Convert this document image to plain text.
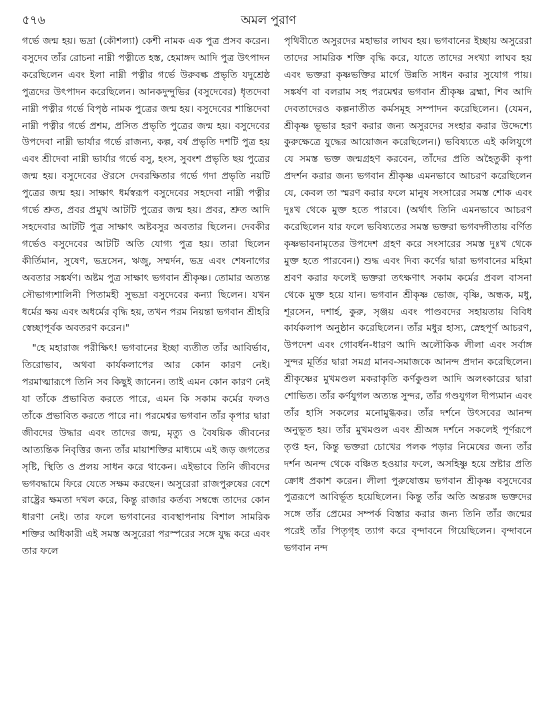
৫৭৬	অমল পুরাণ

গর্ভে জন্ম হয়। ভদ্রা (কৌশল্যা) কেশী নামক এক পুত্র প্রসব করেন। বসুদেব তাঁর রোচনা নাম্নী পত্নীতে হস্ত, হেমাঙ্গদ আদি পুত্র উৎপাদন করেছিলেন এবং ইলা নাম্নী পত্নীর গর্ভে উরুবল্ক প্রভৃতি যদুশ্রেষ্ঠ পুত্রদের উৎপাদন করেছিলেন। আনকদুন্দুভির (বসুদেবের) ধৃতদেবা নাম্নী পত্নীর গর্ভে বিপৃষ্ঠ নামক পুত্রের জন্ম হয়। বসুদেবের শান্তিদেবা নাম্নী পত্নীর গর্ভে প্রশম, প্রসিত প্রভৃতি পুত্রের জন্ম হয়। বসুদেবের উপদেবা নাম্নী ভার্যার গর্ভে রাজন্য, কল্প, বর্ষ প্রভৃতি দশটি পুত্র হয় এবং শ্রীদেবা নাম্নী ভার্যার গর্ভে বসু, হংস, সুবংশ প্রভৃতি ছয় পুত্রের জন্ম হয়। বসুদেবের ঔরসে দেবরক্ষিতার গর্ভে গদা প্রভৃতি নয়টি পুত্রের জন্ম হয়। সাক্ষাৎ ধর্মস্বরূপ বসুদেবের সহদেবা নাম্নী পত্নীর গর্ভে শ্রুত, প্রবর প্রমুখ আটটি পুত্রের জন্ম হয়। প্রবর, শ্রুত আদি সহদেবার আটটি পুত্র সাক্ষাৎ অষ্টবসুর অবতার ছিলেন। দেবকীর গর্ভেও বসুদেবের আটটি অতি যোগ্য পুত্র হয়। তারা ছিলেন কীর্তিমান, সুষেণ, ভদ্রসেন, ঋজু, সম্মর্দন, ভদ্র এবং শেষনাগের অবতার সঙ্কর্ষণ। অষ্টম পুত্র সাক্ষাৎ ভগবান শ্রীকৃষ্ণ। তোমার অত্যন্ত সৌভাগ্যশালিনী পিতামহী সুভদ্রা বসুদেবের কন্যা ছিলেন। যখন ধর্মের ক্ষয় এবং অধর্মের বৃদ্ধি হয়, তখন পরম নিয়ন্তা ভগবান শ্রীহরি স্বেচ্ছাপূর্বক অবতরণ করেন।"

"হে মহারাজ পরীক্ষিৎ! ভগবানের ইচ্ছা ব্যতীত তাঁর আবির্ভাব, তিরোভাব, অথবা কার্যকলাপের আর কোন কারণ নেই। পরমাত্মারূপে তিনি সব কিছুই জানেন। তাই এমন কোন কারণ নেই যা তাঁকে প্রভাবিত করতে পারে, এমন কি সকাম কর্মের ফলও তাঁকে প্রভাবিত করতে পারে না। পরমেশ্বর ভগবান তাঁর কৃপার দ্বারা জীবদের উদ্ধার এবং তাদের জন্ম, মৃত্যু ও বৈষয়িক জীবনের আত্যন্তিক নিবৃত্তির জন্য তাঁর মায়াশক্তির মাধ্যমে এই জড় জগতের সৃষ্টি, স্থিতি ও প্রলয় সাধন করে থাকেন। এইভাবে তিনি জীবদের ভগবদ্ধামে ফিরে যেতে সক্ষম করছেন। অসুরেরা রাজপুরুষের বেশে রাষ্ট্রের ক্ষমতা দখল করে, কিন্তু রাজার কর্তব্য সম্বন্ধে তাদের কোন ধারণা নেই। তার ফলে ভগবানের ব্যবস্থাপনায় বিশাল সামরিক শক্তির অধিকারী এই সমস্ত অসুরেরা পরস্পরের সঙ্গে যুদ্ধ করে এবং তার ফলে

পৃথিবীতে অসুরদের মহাভার লাঘব হয়। ভগবানের ইচ্ছায় অসুরেরা তাদের সামরিক শক্তি বৃদ্ধি করে, যাতে তাদের সংখ্যা লাঘব হয় এবং ভক্তরা কৃষ্ণভক্তির মার্গে উন্নতি সাধন করার সুযোগ পায়। সঙ্কর্ষণ বা বলরাম সহ পরমেশ্বর ভগবান শ্রীকৃষ্ণ ব্রহ্মা, শিব আদি দেবতাদেরও কল্পনাতীত কর্মসমূহ সম্পাদন করেছিলেন। (যেমন, শ্রীকৃষ্ণ ভূভার হরণ করার জন্য অসুরদের সংহার করার উদ্দেশ্যে কুরুক্ষেত্রে যুদ্ধের আয়োজন করেছিলেন।) ভবিষ্যতে এই কলিযুগে যে সমস্ত ভক্ত জন্মগ্রহণ করবেন, তাঁদের প্রতি অহৈতুকী কৃপা প্রদর্শন করার জন্য ভগবান শ্রীকৃষ্ণ এমনভাবে আচরণ করেছিলেন যে, কেবল তা স্মরণ করার ফলে মানুষ সংসারের সমস্ত শোক এবং দুঃখ থেকে মুক্ত হতে পারবে। (অর্থাৎ তিনি এমনভাবে আচরণ করেছিলেন যার ফলে ভবিষ্যতের সমস্ত ভক্তরা ভগবদ্গীতায় বর্ণিত কৃষ্ণভাবনামৃতের উপদেশ গ্রহণ করে সংসারের সমস্ত দুঃখ থেকে মুক্ত হতে পারবেন।) শুদ্ধ এবং দিব্য কর্ণের দ্বারা ভগবানের মহিমা শ্রবণ করার ফলেই ভক্তরা তৎক্ষণাৎ সকাম কর্মের প্রবল বাসনা থেকে মুক্ত হয়ে যান। ভগবান শ্রীকৃষ্ণ ভোজ, বৃষ্ণি, অন্ধক, মধু, শূরসেন, দশার্হ, কুরু, সৃঞ্জয় এবং পাণ্ডবদের সহায়তায় বিবিধ কার্যকলাপ অনুষ্ঠান করেছিলেন। তাঁর মধুর হাস্য, স্নেহপূর্ণ আচরণ, উপদেশ এবং গোবর্ধন-ধারণ আদি অলৌকিক লীলা এবং সর্বাঙ্গ সুন্দর মূর্তির দ্বারা সমগ্র মানব-সমাজকে আনন্দ প্রদান করেছিলেন। শ্রীকৃষ্ণের মুখমণ্ডল মকরাকৃতি কর্ণকুণ্ডল আদি অলংকারের দ্বারা শোভিত। তাঁর কর্ণযুগল অত্যন্ত সুন্দর, তাঁর গণ্ডযুগল দীপ্যমান এবং তাঁর হাসি সকলের মনোমুগ্ধকর। তাঁর দর্শনে উৎসবের আনন্দ অনুভূত হয়। তাঁর মুখমণ্ডল এবং শ্রীঅঙ্গ দর্শনে সকলেই পূর্ণরূপে তৃপ্ত হন, কিন্তু ভক্তরা চোখের পলক পড়ার নিমেষের জন্য তাঁর দর্শন অনন্দ থেকে বঞ্চিত হওয়ার ফলে, অসহিষ্ণু হয়ে স্রষ্টার প্রতি ক্রোধ প্রকাশ করেন। লীলা পুরুষোত্তম ভগবান শ্রীকৃষ্ণ বসুদেবের পুত্ররূপে আবির্ভূত হয়েছিলেন। কিন্তু তাঁর অতি অন্তরঙ্গ ভক্তদের সঙ্গে তাঁর প্রেমের সম্পর্ক বিস্তার করার জন্য তিনি তাঁর জন্মের পরেই তাঁর পিতৃগৃহ ত্যাগ করে বৃন্দাবনে গিয়েছিলেন। বৃন্দাবনে ভগবান নন্দ
